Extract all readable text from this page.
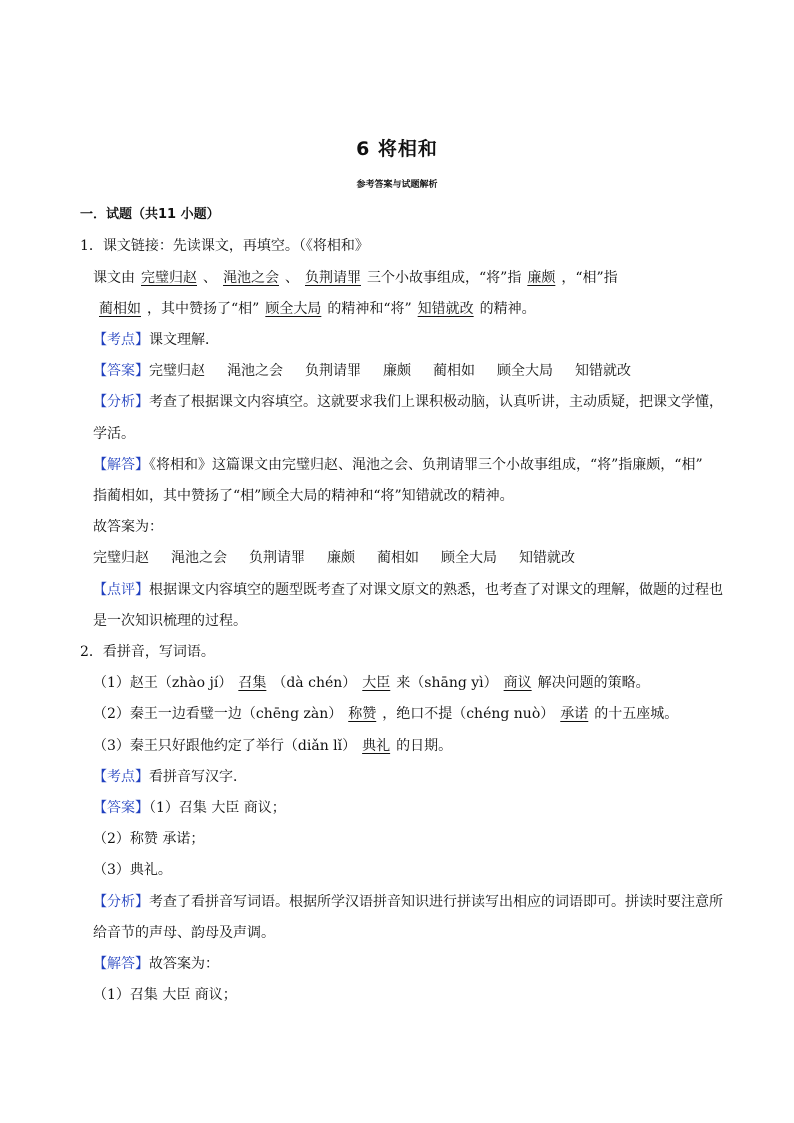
6 将相和
参考答案与试题解析
一．试题（共11 小题）
1．课文链接：先读课文，再填空。（《将相和》
课文由 完璧归赵 、 渑池之会 、 负荆请罪 三个小故事组成，“将”指 廉颇 ，“相”指
蔺相如 ，其中赞扬了“相” 顾全大局 的精神和“将” 知错就改 的精神。
【考点】课文理解．
【答案】完璧归赵 渑池之会 负荆请罪 廉颇 蔺相如 顾全大局 知错就改
【分析】考查了根据课文内容填空。这就要求我们上课积极动脑，认真听讲，主动质疑，把课文学懂，
学活。
【解答】《将相和》这篇课文由完璧归赵、渑池之会、负荆请罪三个小故事组成，“将”指廉颇，“相”
指蔺相如，其中赞扬了“相”顾全大局的精神和“将”知错就改的精神。
故答案为：
完璧归赵 渑池之会 负荆请罪 廉颇 蔺相如 顾全大局 知错就改
【点评】根据课文内容填空的题型既考查了对课文原文的熟悉，也考查了对课文的理解，做题的过程也
是一次知识梳理的过程。
2．看拼音，写词语。
（1）赵王（zhào jí） 召集 （dà chén） 大臣 来（shāng yì） 商议 解决问题的策略。
（2）秦王一边看璧一边（chēng zàn） 称赞 ，绝口不提（chéng nuò） 承诺 的十五座城。
（3）秦王只好跟他约定了举行（diǎn lǐ） 典礼 的日期。
【考点】看拼音写汉字．
【答案】（1）召集 大臣 商议；
（2）称赞 承诺；
（3）典礼。
【分析】考查了看拼音写词语。根据所学汉语拼音知识进行拼读写出相应的词语即可。拼读时要注意所
给音节的声母、韵母及声调。
【解答】故答案为：
（1）召集 大臣 商议；
